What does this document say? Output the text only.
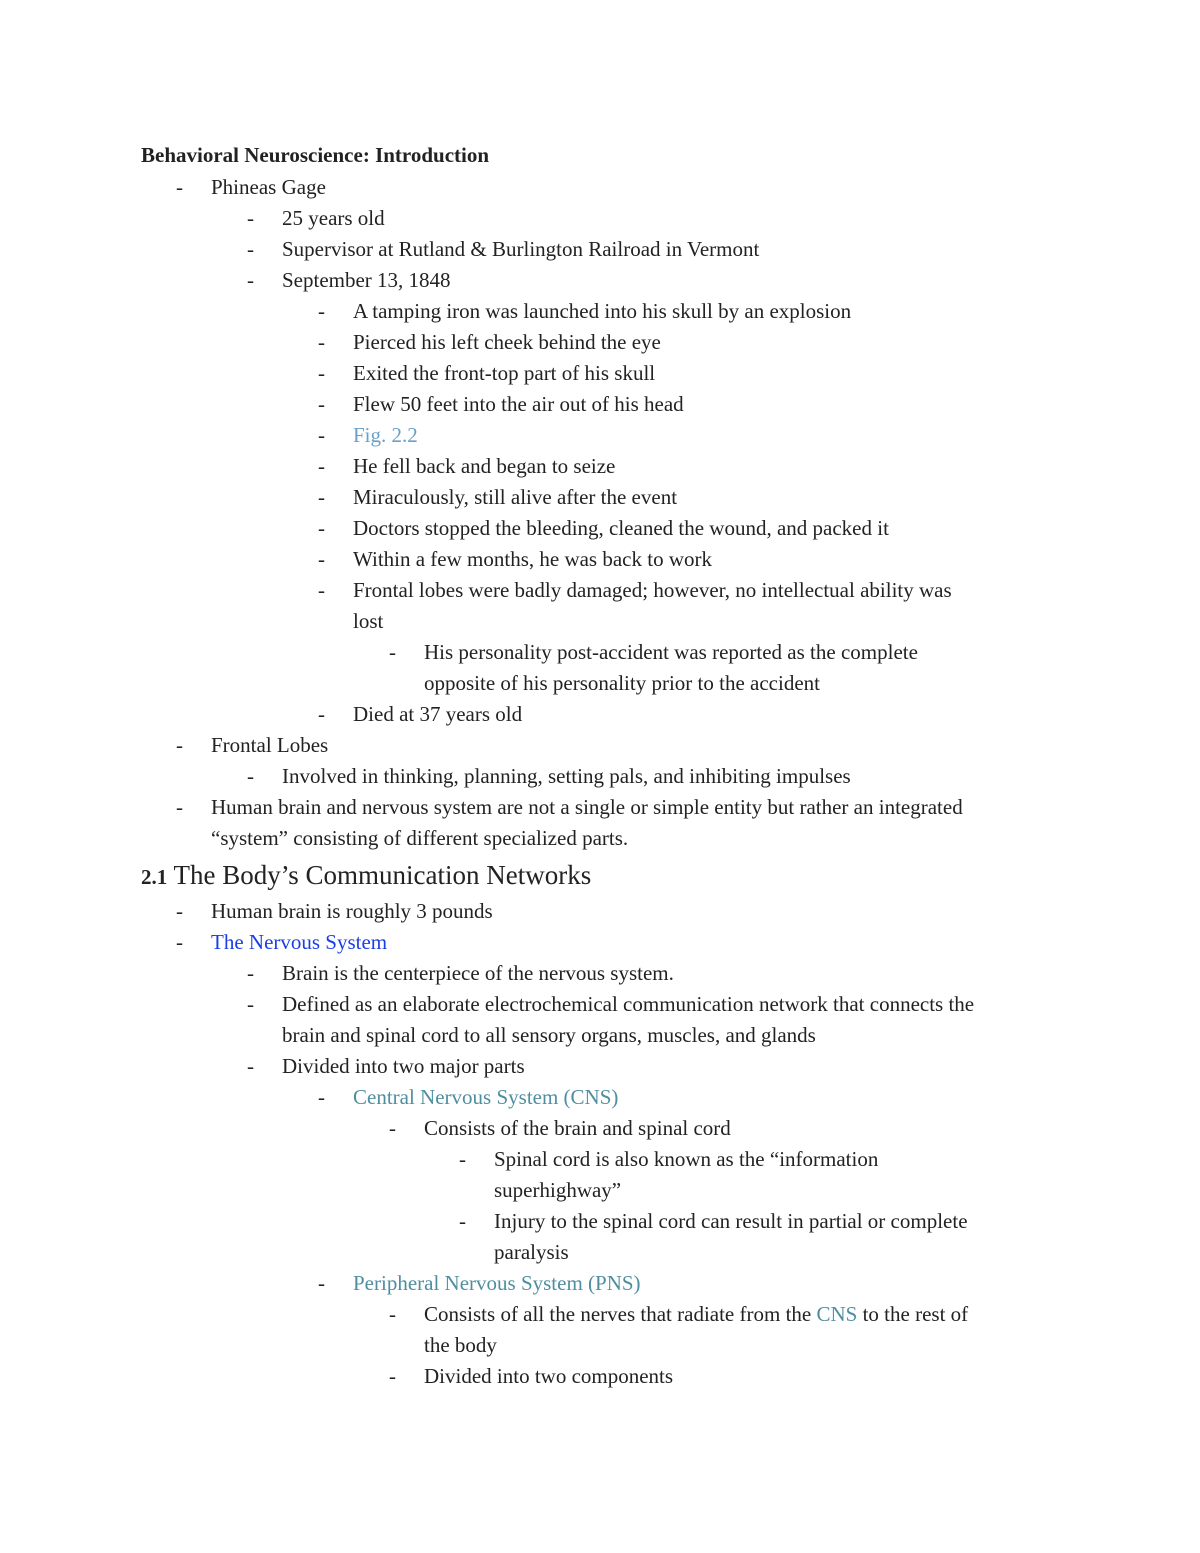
Behavioral Neuroscience: Introduction
2.1 The Body’s Communication Networks
- Phineas Gage
- 25 years old
- Supervisor at Rutland & Burlington Railroad in Vermont
- September 13, 1848
- A tamping iron was launched into his skull by an explosion
- Pierced his left cheek behind the eye
- Exited the front-top part of his skull
- Flew 50 feet into the air out of his head
- Fig. 2.2
- He fell back and began to seize
- Miraculously, still alive after the event
- Doctors stopped the bleeding, cleaned the wound, and packed it
- Within a few months, he was back to work
- Frontal lobes were badly damaged; however, no intellectual ability was
lost
- His personality post-accident was reported as the complete
opposite of his personality prior to the accident
- Died at 37 years old
- Frontal Lobes
- Involved in thinking, planning, setting pals, and inhibiting impulses
- Human brain and nervous system are not a single or simple entity but rather an integrated
“system” consisting of different specialized parts.
- Human brain is roughly 3 pounds
- The Nervous System
- Brain is the centerpiece of the nervous system.
- Defined as an elaborate electrochemical communication network that connects the
brain and spinal cord to all sensory organs, muscles, and glands
- Divided into two major parts
- Central Nervous System (CNS)
- Consists of the brain and spinal cord
- Spinal cord is also known as the “information
superhighway”
- Injury to the spinal cord can result in partial or complete
paralysis
- Peripheral Nervous System (PNS)
- Consists of all the nerves that radiate from the CNS to the rest of
the body
- Divided into two components
